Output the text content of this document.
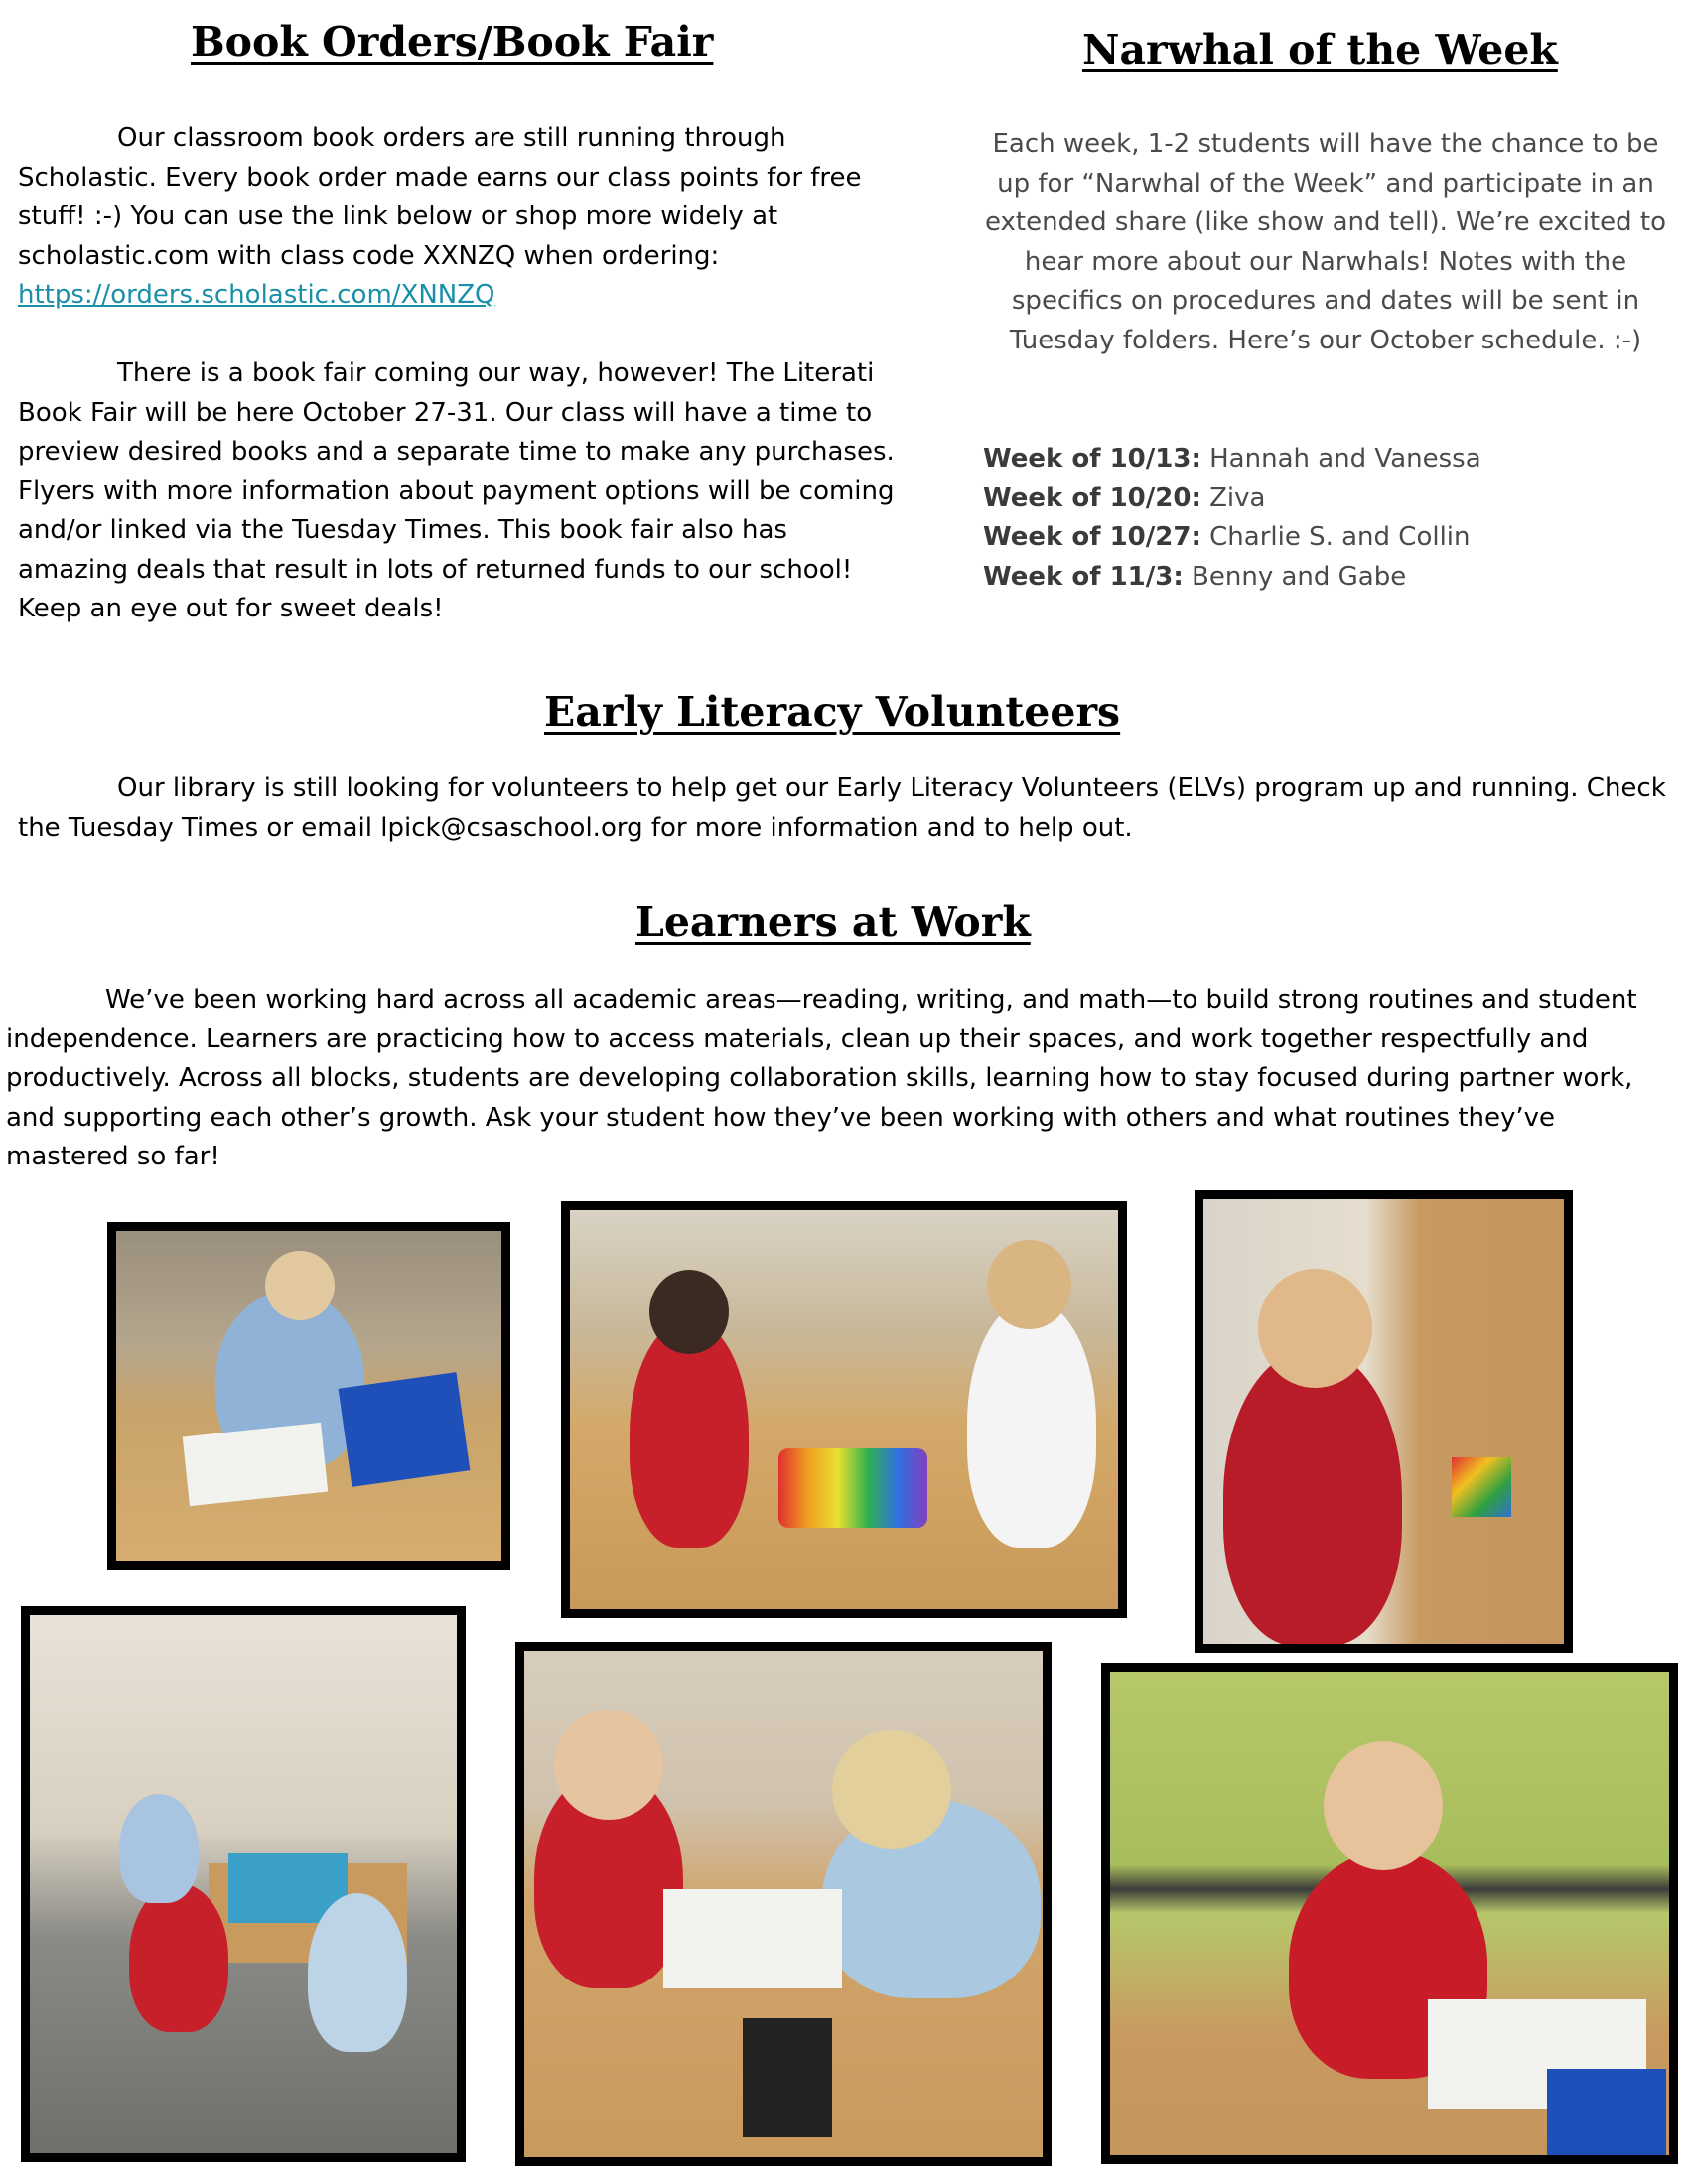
Book Orders/Book Fair

Our classroom book orders are still running through Scholastic. Every book order made earns our class points for free stuff! :-) You can use the link below or shop more widely at scholastic.com with class code XXNZQ when ordering: https://orders.scholastic.com/XNNZQ

There is a book fair coming our way, however! The Literati Book Fair will be here October 27-31. Our class will have a time to preview desired books and a separate time to make any purchases. Flyers with more information about payment options will be coming and/or linked via the Tuesday Times. This book fair also has amazing deals that result in lots of returned funds to our school! Keep an eye out for sweet deals!

Narwhal of the Week

Each week, 1-2 students will have the chance to be up for “Narwhal of the Week” and participate in an extended share (like show and tell). We’re excited to hear more about our Narwhals! Notes with the specifics on procedures and dates will be sent in Tuesday folders. Here’s our October schedule. :-)

Week of 10/13: Hannah and Vanessa

Week of 10/20: Ziva

Week of 10/27: Charlie S. and Collin

Week of 11/3: Benny and Gabe

Early Literacy Volunteers

Our library is still looking for volunteers to help get our Early Literacy Volunteers (ELVs) program up and running. Check the Tuesday Times or email lpick@csaschool.org for more information and to help out.

Learners at Work

We’ve been working hard across all academic areas—reading, writing, and math—to build strong routines and student independence. Learners are practicing how to access materials, clean up their spaces, and work together respectfully and productively. Across all blocks, students are developing collaboration skills, learning how to stay focused during partner work, and supporting each other’s growth. Ask your student how they’ve been working with others and what routines they’ve mastered so far!
